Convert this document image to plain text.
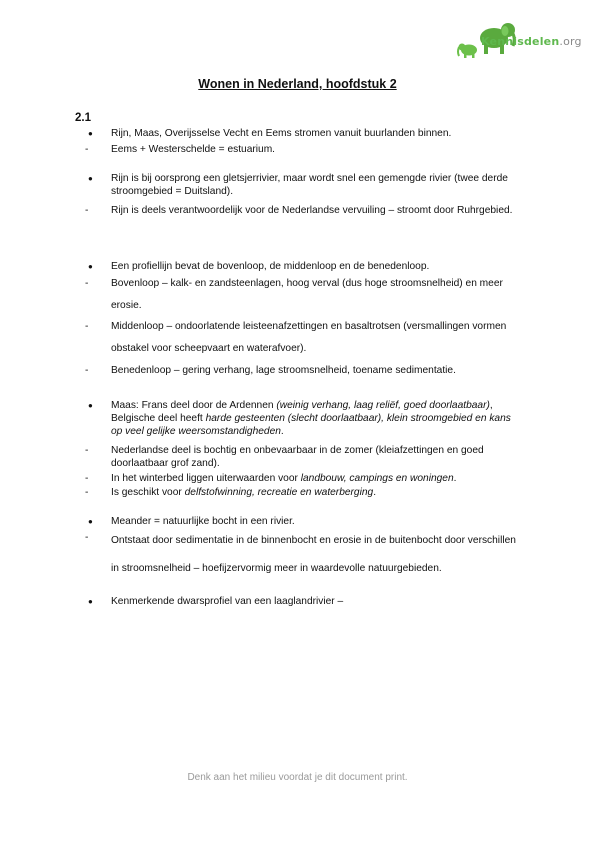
Kennisdelen.org
Wonen in Nederland, hoofdstuk 2
2.1
●	Rijn, Maas, Overijsselse Vecht en Eems stromen vanuit buurlanden binnen.
-	Eems + Westerschelde = estuarium.
●	Rijn is bij oorsprong een gletsjerrivier, maar wordt snel een gemengde rivier (twee derde stroomgebied = Duitsland).
-	Rijn is deels verantwoordelijk voor de Nederlandse vervuiling – stroomt door Ruhrgebied.
●	Een profiellijn bevat de bovenloop, de middenloop en de benedenloop.
-	Bovenloop – kalk- en zandsteenlagen, hoog verval (dus hoge stroomsnelheid) en meer erosie.
-	Middenloop – ondoorlatende leisteenafzettingen en basaltrotsen (versmallingen vormen obstakel voor scheepvaart en waterafvoer).
-	Benedenloop – gering verhang, lage stroomsnelheid, toename sedimentatie.
●	Maas: Frans deel door de Ardennen (weinig verhang, laag reliëf, goed doorlaatbaar), Belgische deel heeft harde gesteenten (slecht doorlaatbaar), klein stroomgebied en kans op veel gelijke weersomstandigheden.
-	Nederlandse deel is bochtig en onbevaarbaar in de zomer (kleiafzettingen en goed doorlaatbaar grof zand).
-	In het winterbed liggen uiterwaarden voor landbouw, campings en woningen.
-	Is geschikt voor delfstofwinning, recreatie en waterberging.
●	Meander = natuurlijke bocht in een rivier.
-	Ontstaat door sedimentatie in de binnenbocht en erosie in de buitenbocht door verschillen in stroomsnelheid – hoefijzervormig meer in waardevolle natuurgebieden.
●	Kenmerkende dwarsprofiel van een laaglandrivier –
Denk aan het milieu voordat je dit document print.
